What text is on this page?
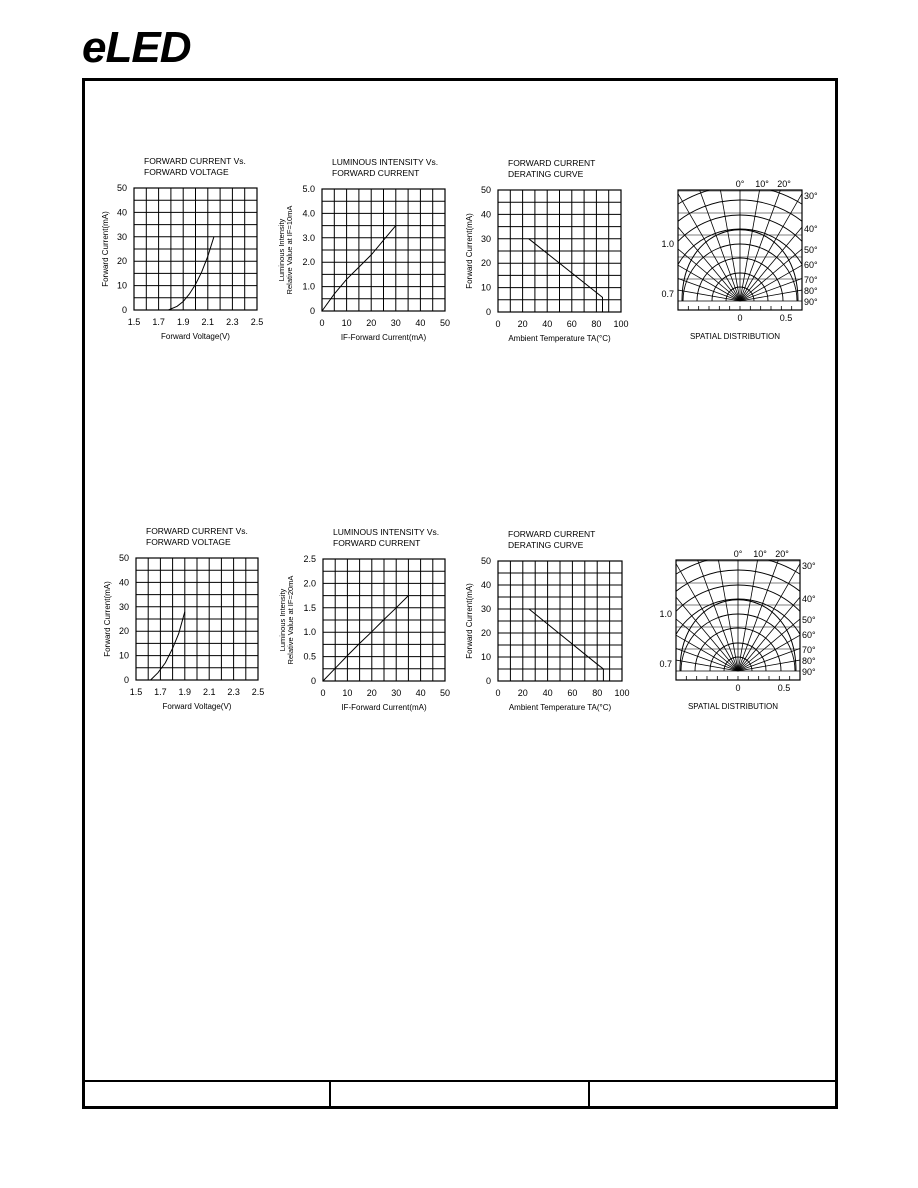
eLED
FORWARD CURRENT Vs.
FORWARD VOLTAGE
1.5 1.7 1.9 2.1 2.3 2.5
0
10
20
30
40
50
Forward Voltage(V)
Forward Current(mA)
LUMINOUS INTENSITY Vs.
FORWARD CURRENT
0 10 20 30 40 50
0
1.0
2.0
3.0
4.0
5.0
IF-Forward Current(mA)
Luminous Intensity Relative Value at IF=10mA
FORWARD CURRENT
DERATING CURVE
0 20 40 60 80 100
0
10
20
30
40
50
Ambient Temperature TA(°C)
Forward Current(mA)
0° 10° 20°
30°
40°
50°
60°
70°
80°
90°
1.0
0.7
0	0.5
SPATIAL DISTRIBUTION
FORWARD CURRENT Vs.
FORWARD VOLTAGE
1.5 1.7 1.9 2.1 2.3 2.5
0
10
20
30
40
50
Forward Voltage(V)
Forward Current(mA)
LUMINOUS INTENSITY Vs.
FORWARD CURRENT
0 10 20 30 40 50
0
0.5
1.0
1.5
2.0
2.5
IF-Forward Current(mA)
Luminous Intensity Relative Value at IF=20mA
FORWARD CURRENT
DERATING CURVE
0 20 40 60 80 100
0
10
20
30
40
50
Ambient Temperature TA(°C)
Forward Current(mA)
0° 10° 20°
30°
40°
50°
60°
70°
80°
90°
1.0
0.7
0	0.5
SPATIAL DISTRIBUTION
